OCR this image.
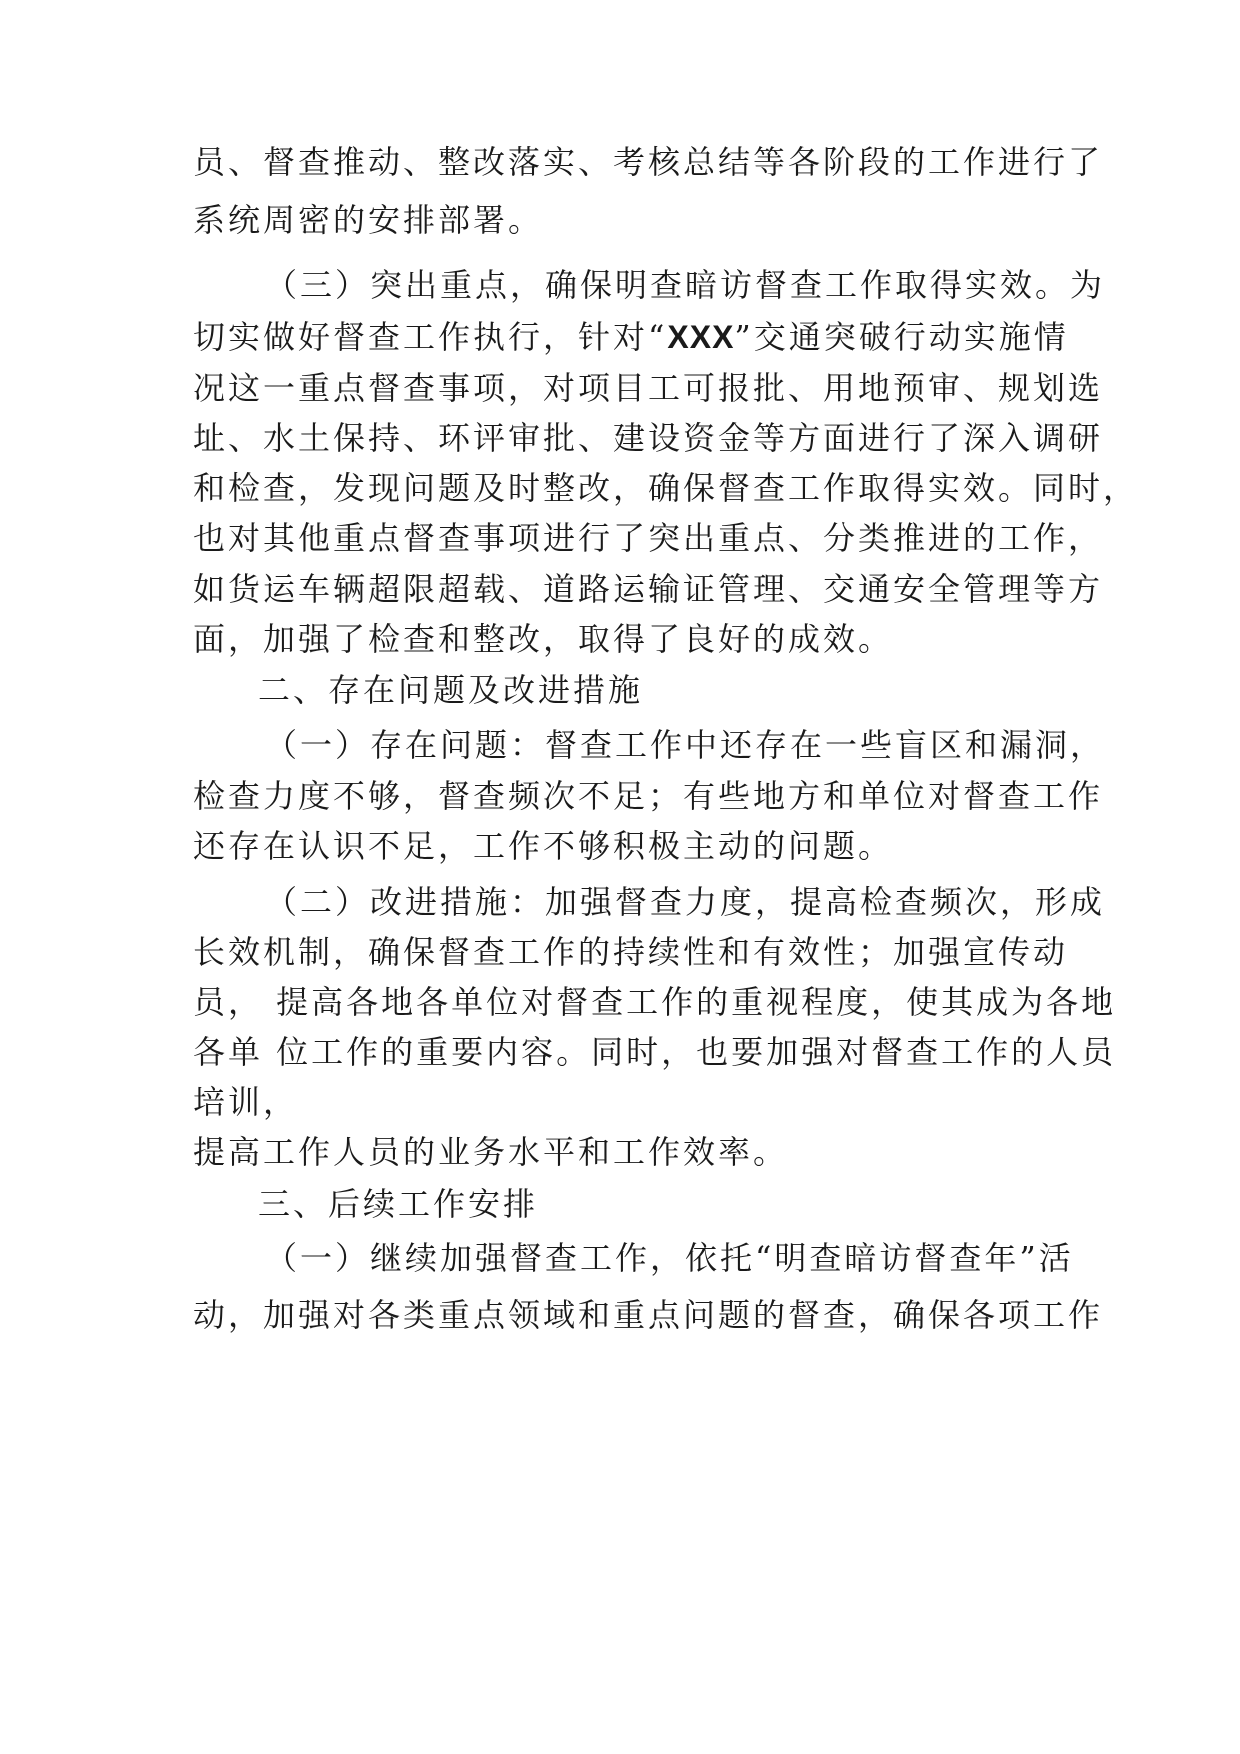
员、督查推动、整改落实、考核总结等各阶段的工作进行了
系统周密的安排部署。
（三）突出重点，确保明查暗访督查工作取得实效。为
切实做好督查工作执行，针对“XXX”交通突破行动实施情
况这一重点督查事项，对项目工可报批、用地预审、规划选
址、水土保持、环评审批、建设资金等方面进行了深入调研
和检查，发现问题及时整改，确保督查工作取得实效。同时，
也对其他重点督查事项进行了突出重点、分类推进的工作，
如货运车辆超限超载、道路运输证管理、交通安全管理等方
面，加强了检查和整改，取得了良好的成效。
二、存在问题及改进措施
（一）存在问题：督查工作中还存在一些盲区和漏洞，
检查力度不够，督查频次不足；有些地方和单位对督查工作
还存在认识不足，工作不够积极主动的问题。
（二）改进措施：加强督查力度，提高检查频次，形成
长效机制，确保督查工作的持续性和有效性；加强宣传动
员， 提高各地各单位对督查工作的重视程度，使其成为各地
各单 位工作的重要内容。同时，也要加强对督查工作的人员
培训，
提高工作人员的业务水平和工作效率。
三、后续工作安排
（一）继续加强督查工作，依托“明查暗访督查年”活
动，加强对各类重点领域和重点问题的督查，确保各项工作
